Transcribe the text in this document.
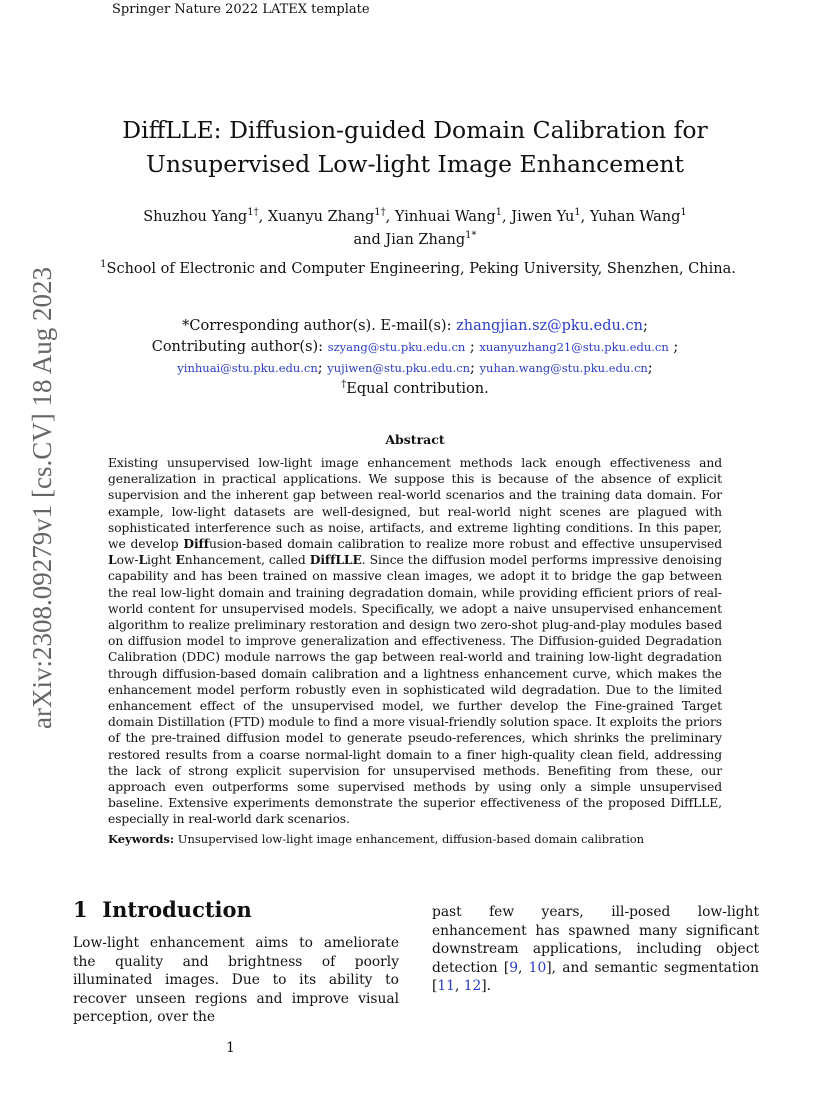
Springer Nature 2022 LATEX template
arXiv:2308.09279v1 [cs.CV] 18 Aug 2023
DiffLLE: Diffusion-guided Domain Calibration for
Unsupervised Low-light Image Enhancement
Shuzhou Yang$^{1\dagger}$, Xuanyu Zhang$^{1\dagger}$, Yinhuai Wang$^1$, Jiwen Yu$^1$, Yuhan Wang$^1$
and Jian Zhang$^{1*}$
$^1$School of Electronic and Computer Engineering, Peking University, Shenzhen, China.
*Corresponding author(s). E-mail(s): zhangjian.sz@pku.edu.cn;
Contributing author(s): szyang@stu.pku.edu.cn ; xuanyuzhang21@stu.pku.edu.cn ;
yinhuai@stu.pku.edu.cn; yujiwen@stu.pku.edu.cn; yuhan.wang@stu.pku.edu.cn;
†Equal contribution.
Abstract
Existing unsupervised low-light image enhancement methods lack enough effectiveness and generalization in practical applications. We suppose this is because of the absence of explicit supervision and the inherent gap between real-world scenarios and the training data domain. For example, low-light datasets are well-designed, but real-world night scenes are plagued with sophisticated interference such as noise, artifacts, and extreme lighting conditions. In this paper, we develop Diffusion-based domain calibration to realize more robust and effective unsupervised Low-Light Enhancement, called DiffLLE. Since the diffusion model performs impressive denoising capability and has been trained on massive clean images, we adopt it to bridge the gap between the real low-light domain and training degradation domain, while providing efficient priors of real-world content for unsupervised models. Specifically, we adopt a naive unsupervised enhancement algorithm to realize preliminary restoration and design two zero-shot plug-and-play modules based on diffusion model to improve generalization and effectiveness. The Diffusion-guided Degradation Calibration (DDC) module narrows the gap between real-world and training low-light degradation through diffusion-based domain calibration and a lightness enhancement curve, which makes the enhancement model perform robustly even in sophisticated wild degradation. Due to the limited enhancement effect of the unsupervised model, we further develop the Fine-grained Target domain Distillation (FTD) module to find a more visual-friendly solution space. It exploits the priors of the pre-trained diffusion model to generate pseudo-references, which shrinks the preliminary restored results from a coarse normal-light domain to a finer high-quality clean field, addressing the lack of strong explicit supervision for unsupervised methods. Benefiting from these, our approach even outperforms some supervised methods by using only a simple unsupervised baseline. Extensive experiments demonstrate the superior effectiveness of the proposed DiffLLE, especially in real-world dark scenarios.
Keywords: Unsupervised low-light image enhancement, diffusion-based domain calibration
1 Introduction
Low-light enhancement aims to ameliorate the quality and brightness of poorly illuminated images. Due to its ability to recover unseen regions and improve visual perception, over the
past few years, ill-posed low-light enhancement has spawned many significant downstream applications, including object detection [9, 10], and semantic segmentation [11, 12].
1
